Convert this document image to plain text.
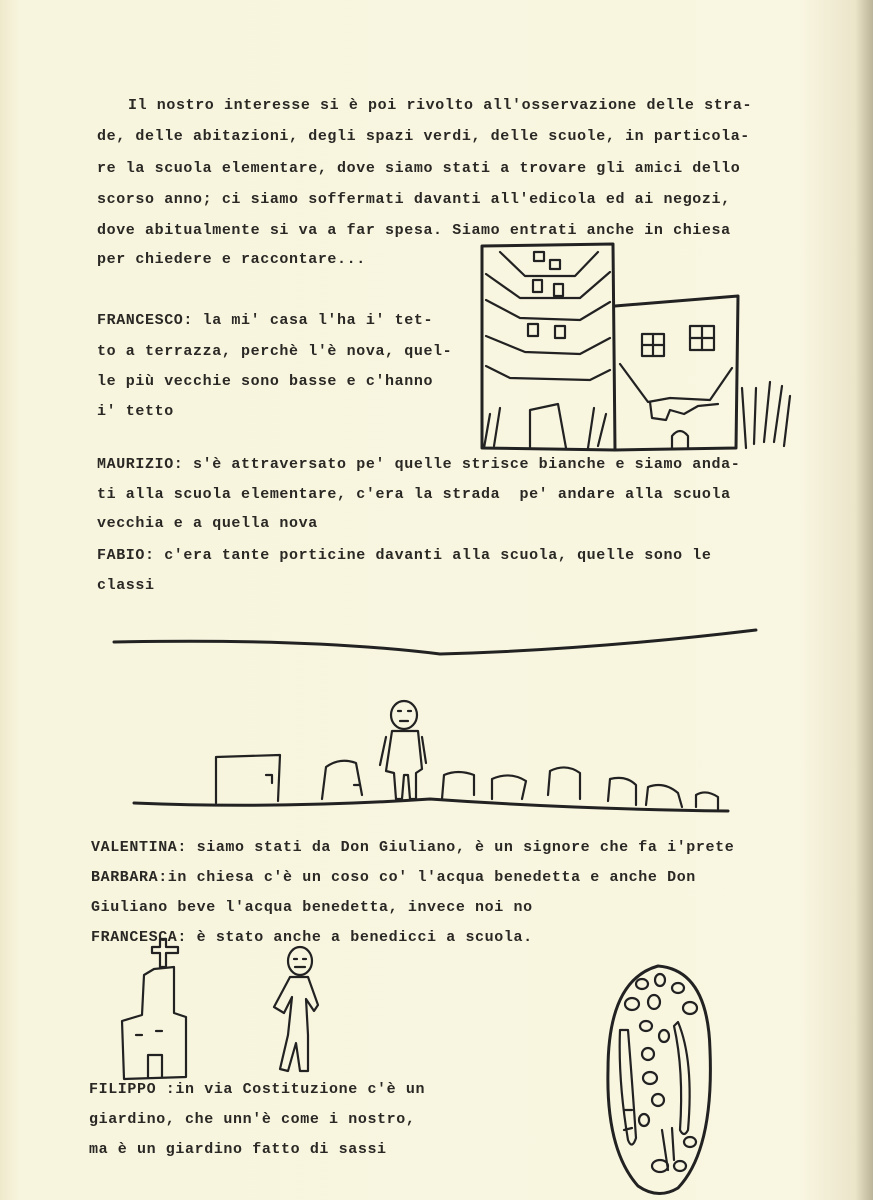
Il nostro interesse si è poi rivolto all'osservazione delle stra-
de, delle abitazioni, degli spazi verdi, delle scuole, in particola-
re la scuola elementare, dove siamo stati a trovare gli amici dello
scorso anno; ci siamo soffermati davanti all'edicola ed ai negozi,
dove abitualmente si va a far spesa. Siamo entrati anche in chiesa
per chiedere e raccontare...
FRANCESCO: la mi' casa l'ha i' tet-
to a terrazza, perchè l'è nova, quel-
le più vecchie sono basse e c'hanno
i' tetto
MAURIZIO: s'è attraversato pe' quelle strisce bianche e siamo anda-
ti alla scuola elementare, c'era la strada  pe' andare alla scuola
vecchia e a quella nova
FABIO: c'era tante porticine davanti alla scuola, quelle sono le
classi
VALENTINA: siamo stati da Don Giuliano, è un signore che fa i'prete
BARBARA:in chiesa c'è un coso co' l'acqua benedetta e anche Don
Giuliano beve l'acqua benedetta, invece noi no
FRANCESCA: è stato anche a benedicci a scuola.
FILIPPO :in via Costituzione c'è un
giardino, che unn'è come i nostro,
ma è un giardino fatto di sassi
